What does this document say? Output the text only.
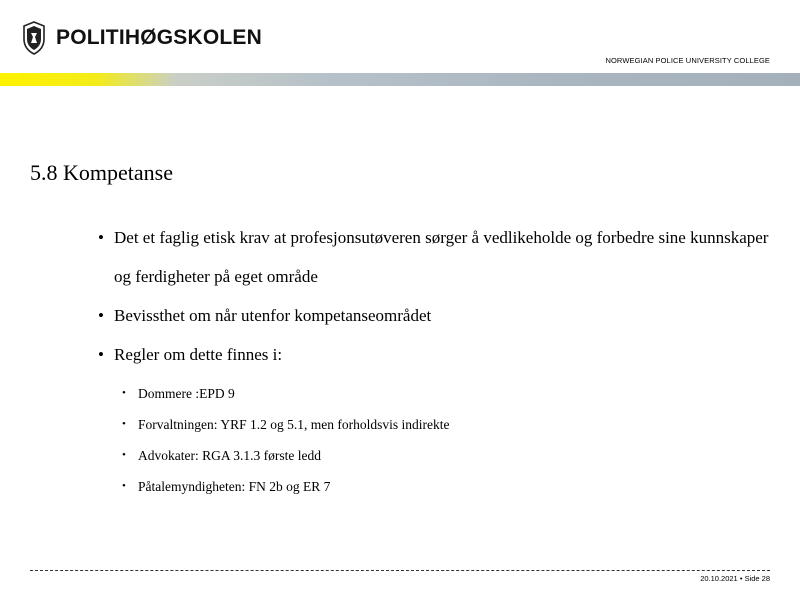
POLITIHØGSKOLEN
NORWEGIAN POLICE UNIVERSITY COLLEGE
5.8 Kompetanse
• Det et faglig etisk krav at profesjonsutøveren sørger å vedlikeholde og forbedre sine kunnskaper og ferdigheter på eget område
• Bevissthet om når utenfor kompetanseområdet
• Regler om dette finnes i:
• Dommere :EPD 9
• Forvaltningen: YRF 1.2 og 5.1, men forholdsvis indirekte
• Advokater: RGA 3.1.3 første ledd
• Påtalemyndigheten: FN 2b og ER 7
20.10.2021 • Side 28
